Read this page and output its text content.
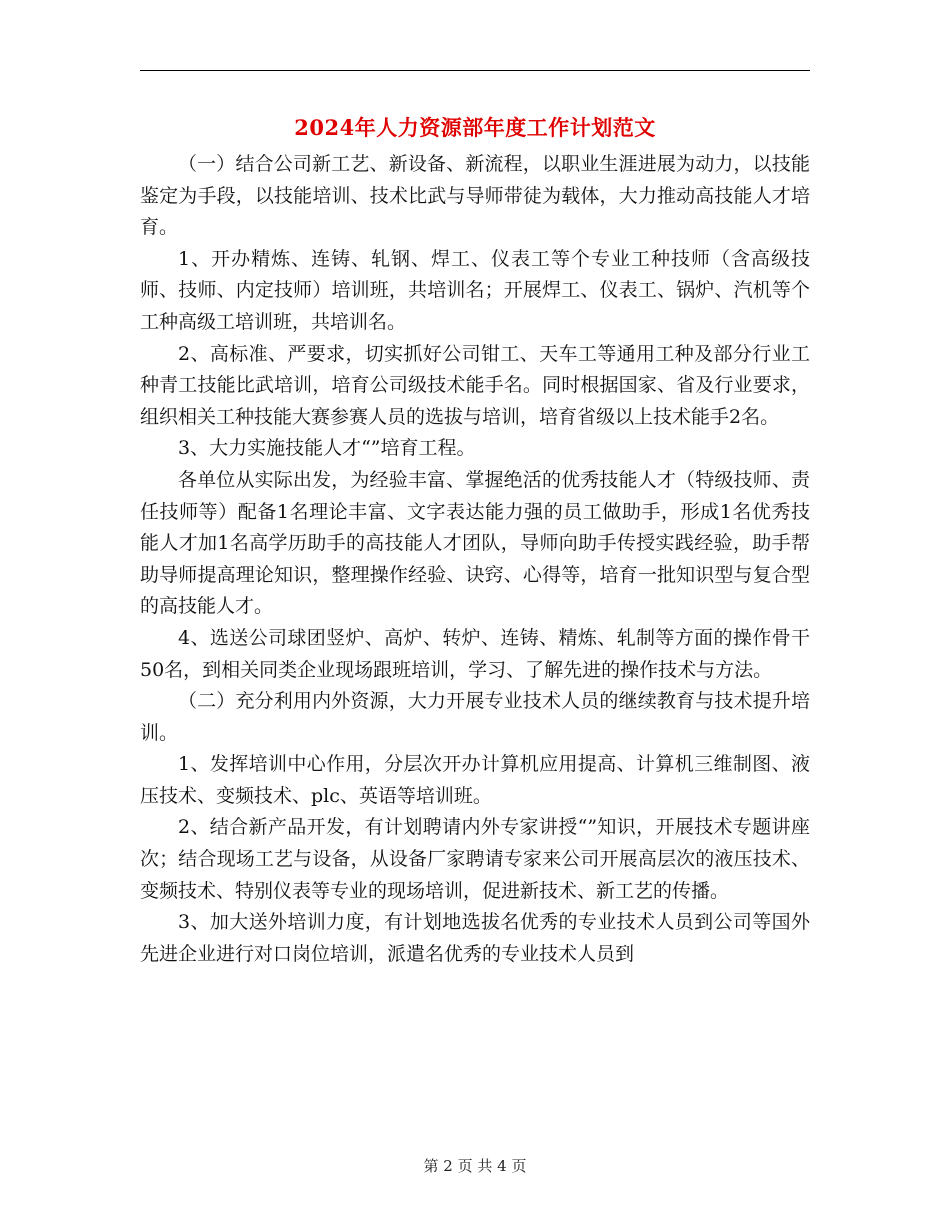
2024年人力资源部年度工作计划范文

（一）结合公司新工艺、新设备、新流程，以职业生涯进展为动力，以技能鉴定为手段，以技能培训、技术比武与导师带徒为载体，大力推动高技能人才培育。

1、开办精炼、连铸、轧钢、焊工、仪表工等个专业工种技师（含高级技师、技师、内定技师）培训班，共培训名；开展焊工、仪表工、锅炉、汽机等个工种高级工培训班，共培训名。

2、高标准、严要求，切实抓好公司钳工、天车工等通用工种及部分行业工种青工技能比武培训，培育公司级技术能手名。同时根据国家、省及行业要求，组织相关工种技能大赛参赛人员的选拔与培训，培育省级以上技术能手2名。

3、大力实施技能人才“”培育工程。

各单位从实际出发，为经验丰富、掌握绝活的优秀技能人才（特级技师、责任技师等）配备1名理论丰富、文字表达能力强的员工做助手，形成1名优秀技能人才加1名高学历助手的高技能人才团队，导师向助手传授实践经验，助手帮助导师提高理论知识，整理操作经验、诀窍、心得等，培育一批知识型与复合型的高技能人才。

4、选送公司球团竖炉、高炉、转炉、连铸、精炼、轧制等方面的操作骨干50名，到相关同类企业现场跟班培训，学习、了解先进的操作技术与方法。

（二）充分利用内外资源，大力开展专业技术人员的继续教育与技术提升培训。

1、发挥培训中心作用，分层次开办计算机应用提高、计算机三维制图、液压技术、变频技术、plc、英语等培训班。

2、结合新产品开发，有计划聘请内外专家讲授“”知识，开展技术专题讲座次；结合现场工艺与设备，从设备厂家聘请专家来公司开展高层次的液压技术、变频技术、特别仪表等专业的现场培训，促进新技术、新工艺的传播。

3、加大送外培训力度，有计划地选拔名优秀的专业技术人员到公司等国外先进企业进行对口岗位培训，派遣名优秀的专业技术人员到

第 2 页 共 4 页
